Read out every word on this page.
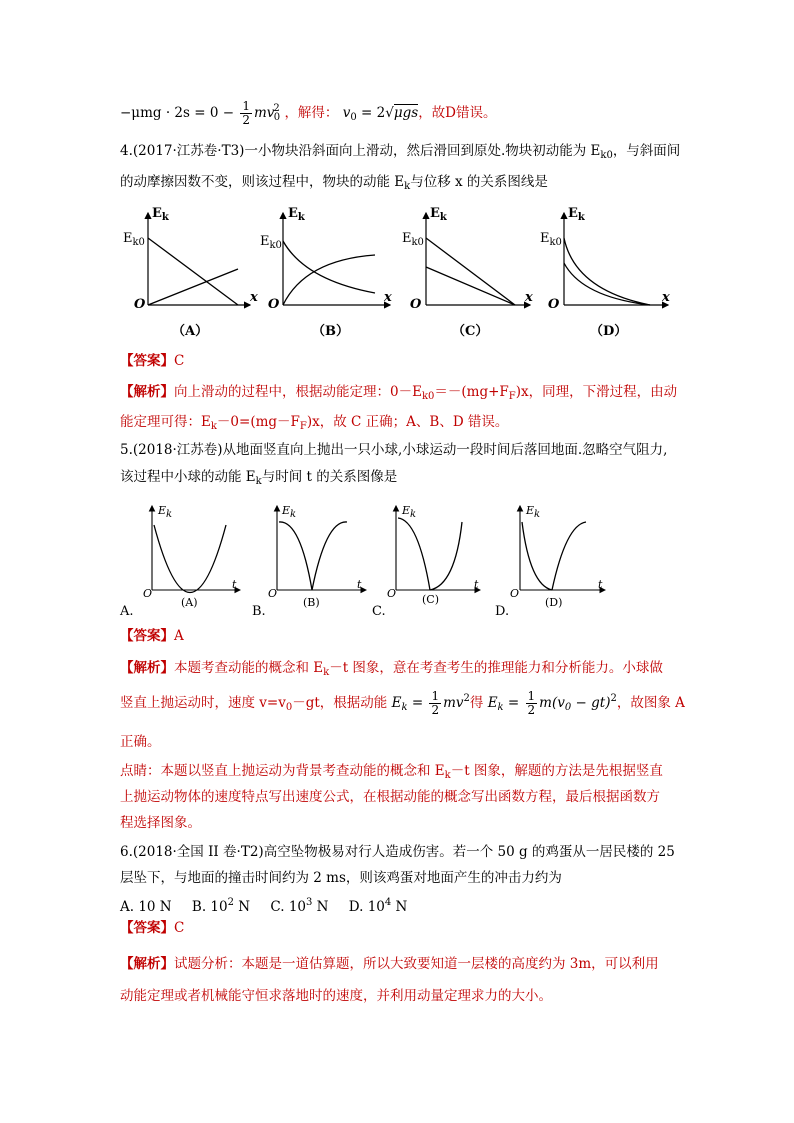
$-\mu mg \cdot 2s = 0 - \frac{1}{2} mv^2_0$ ，解得： $v_0 = 2√\mu gs$，故D错误。
4.(2017·江苏卷·T3)一小物块沿斜面向上滑动，然后滑回到原处.物块初动能为 $E_{k0}$，与斜面间
的动摩擦因数不变，则该过程中，物块的动能 $E_k$与位移 x 的关系图线是
$E_k$
$E_{k0}$
O	x
（A）
$E_k$
$E_{k0}$
O	x
（B）
$E_k$
$E_{k0}$
O	x
（C）
$E_k$
$E_{k0}$
O	x
（D）
【答案】C
【解析】向上滑动的过程中，根据动能定理：$0-E_{k0}=-(mg+F_F)x$，同理，下滑过程，由动
能定理可得：$E_k-0=(mg-F_F)x$，故 C 正确；A、B、D 错误。
5.(2018·江苏卷)从地面竖直向上抛出一只小球,小球运动一段时间后落回地面.忽略空气阻力,
该过程中小球的动能 $E_k$与时间 t 的关系图像是
Ek
O
t
(A)
A.
Ek
O
t
(B)
B.
Ek
O
t
(C)
C.
Ek
O
t
(D)
D.
【答案】A
【解析】本题考查动能的概念和 $E_k-t$ 图象，意在考查考生的推理能力和分析能力。小球做
竖直上抛运动时，速度 $v=v_0-gt$，根据动能 $E_k = \frac{1}{2} mv^2$得 $E_k = \frac{1}{2} m(v_0 - gt)^2$，故图象 A
正确。
点睛：本题以竖直上抛运动为背景考查动能的概念和 $E_k-t$ 图象，解题的方法是先根据竖直
上抛运动物体的速度特点写出速度公式，在根据动能的概念写出函数方程，最后根据函数方
程选择图象。
6.(2018·全国 II 卷·T2)高空坠物极易对行人造成伤害。若一个 50 g 的鸡蛋从一居民楼的 25
层坠下，与地面的撞击时间约为 2 ms，则该鸡蛋对地面产生的冲击力约为
A. 10 N B. $10^2$ N C. $10^3$ N D. $10^4$ N
【答案】C
【解析】试题分析：本题是一道估算题，所以大致要知道一层楼的高度约为 3m，可以利用
动能定理或者机械能守恒求落地时的速度，并利用动量定理求力的大小。
